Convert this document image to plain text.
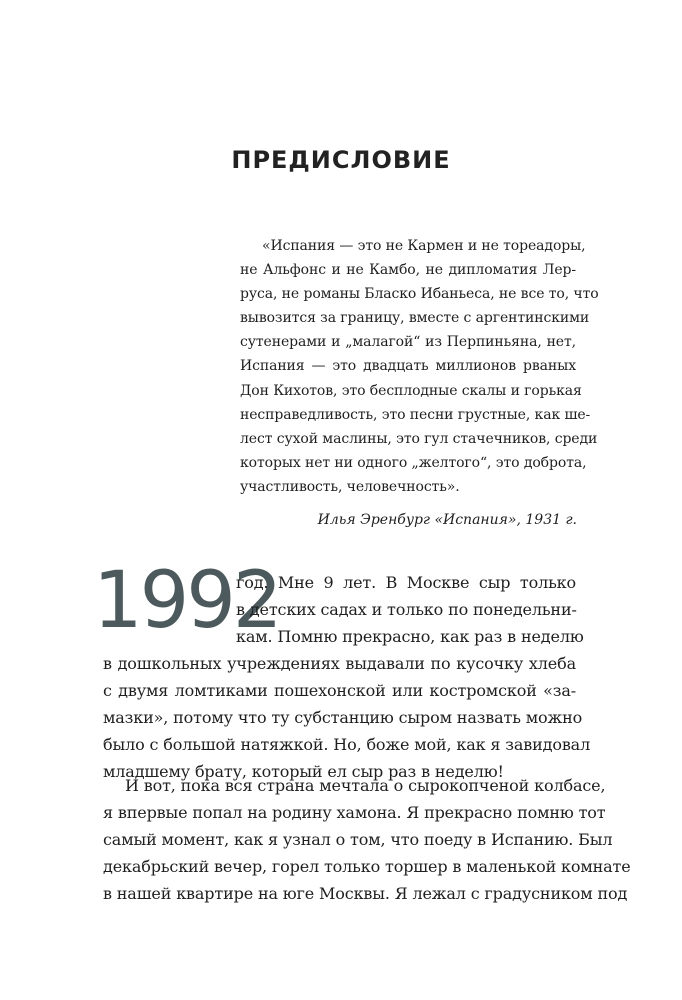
ПРЕДИСЛОВИЕ
«Испания — это не Кармен и не тореадоры,
не Альфонс и не Камбо, не дипломатия Лер-
руса, не романы Бласко Ибаньеса, не все то, что
вывозится за границу, вместе с аргентинскими
сутенерами и „малагой“ из Перпиньяна, нет,
Испания — это двадцать миллионов рваных
Дон Кихотов, это бесплодные скалы и горькая
несправедливость, это песни грустные, как ше-
лест сухой маслины, это гул стачечников, среди
которых нет ни одного „желтого“, это доброта,
участливость, человечность».
Илья Эренбург «Испания», 1931 г.
1992
год. Мне 9 лет. В Москве сыр только
в детских садах и только по понедельни-
кам. Помню прекрасно, как раз в неделю
в дошкольных учреждениях выдавали по кусочку хлеба
с двумя ломтиками пошехонской или костромской «за-
мазки», потому что ту субстанцию сыром назвать можно
было с большой натяжкой. Но, боже мой, как я завидовал
младшему брату, который ел сыр раз в неделю!
И вот, пока вся страна мечтала о сырокопченой колбасе,
я впервые попал на родину хамона. Я прекрасно помню тот
самый момент, как я узнал о том, что поеду в Испанию. Был
декабрьский вечер, горел только торшер в маленькой комнате
в нашей квартире на юге Москвы. Я лежал с градусником под
